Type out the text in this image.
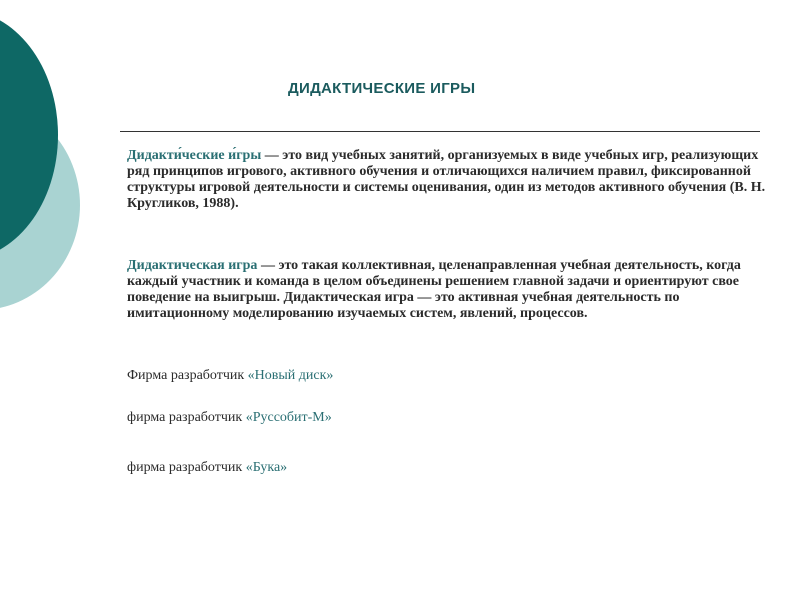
ДИДАКТИЧЕСКИЕ ИГРЫ

Дидакти́ческие и́гры — это вид учебных занятий, организуемых в виде учебных игр, реализующих ряд принципов игрового, активного обучения и отличающихся наличием правил, фиксированной структуры игровой деятельности и системы оценивания, один из методов активного обучения (В. Н. Кругликов, 1988).

Дидактическая игра — это такая коллективная, целенаправленная учебная деятельность, когда каждый участник и команда в целом объединены решением главной задачи и ориентируют свое поведение на выигрыш. Дидактическая игра — это активная учебная деятельность по имитационному моделированию изучаемых систем, явлений, процессов.

Фирма разработчик «Новый диск»

фирма разработчик «Руссобит-М»

фирма разработчик «Бука»
